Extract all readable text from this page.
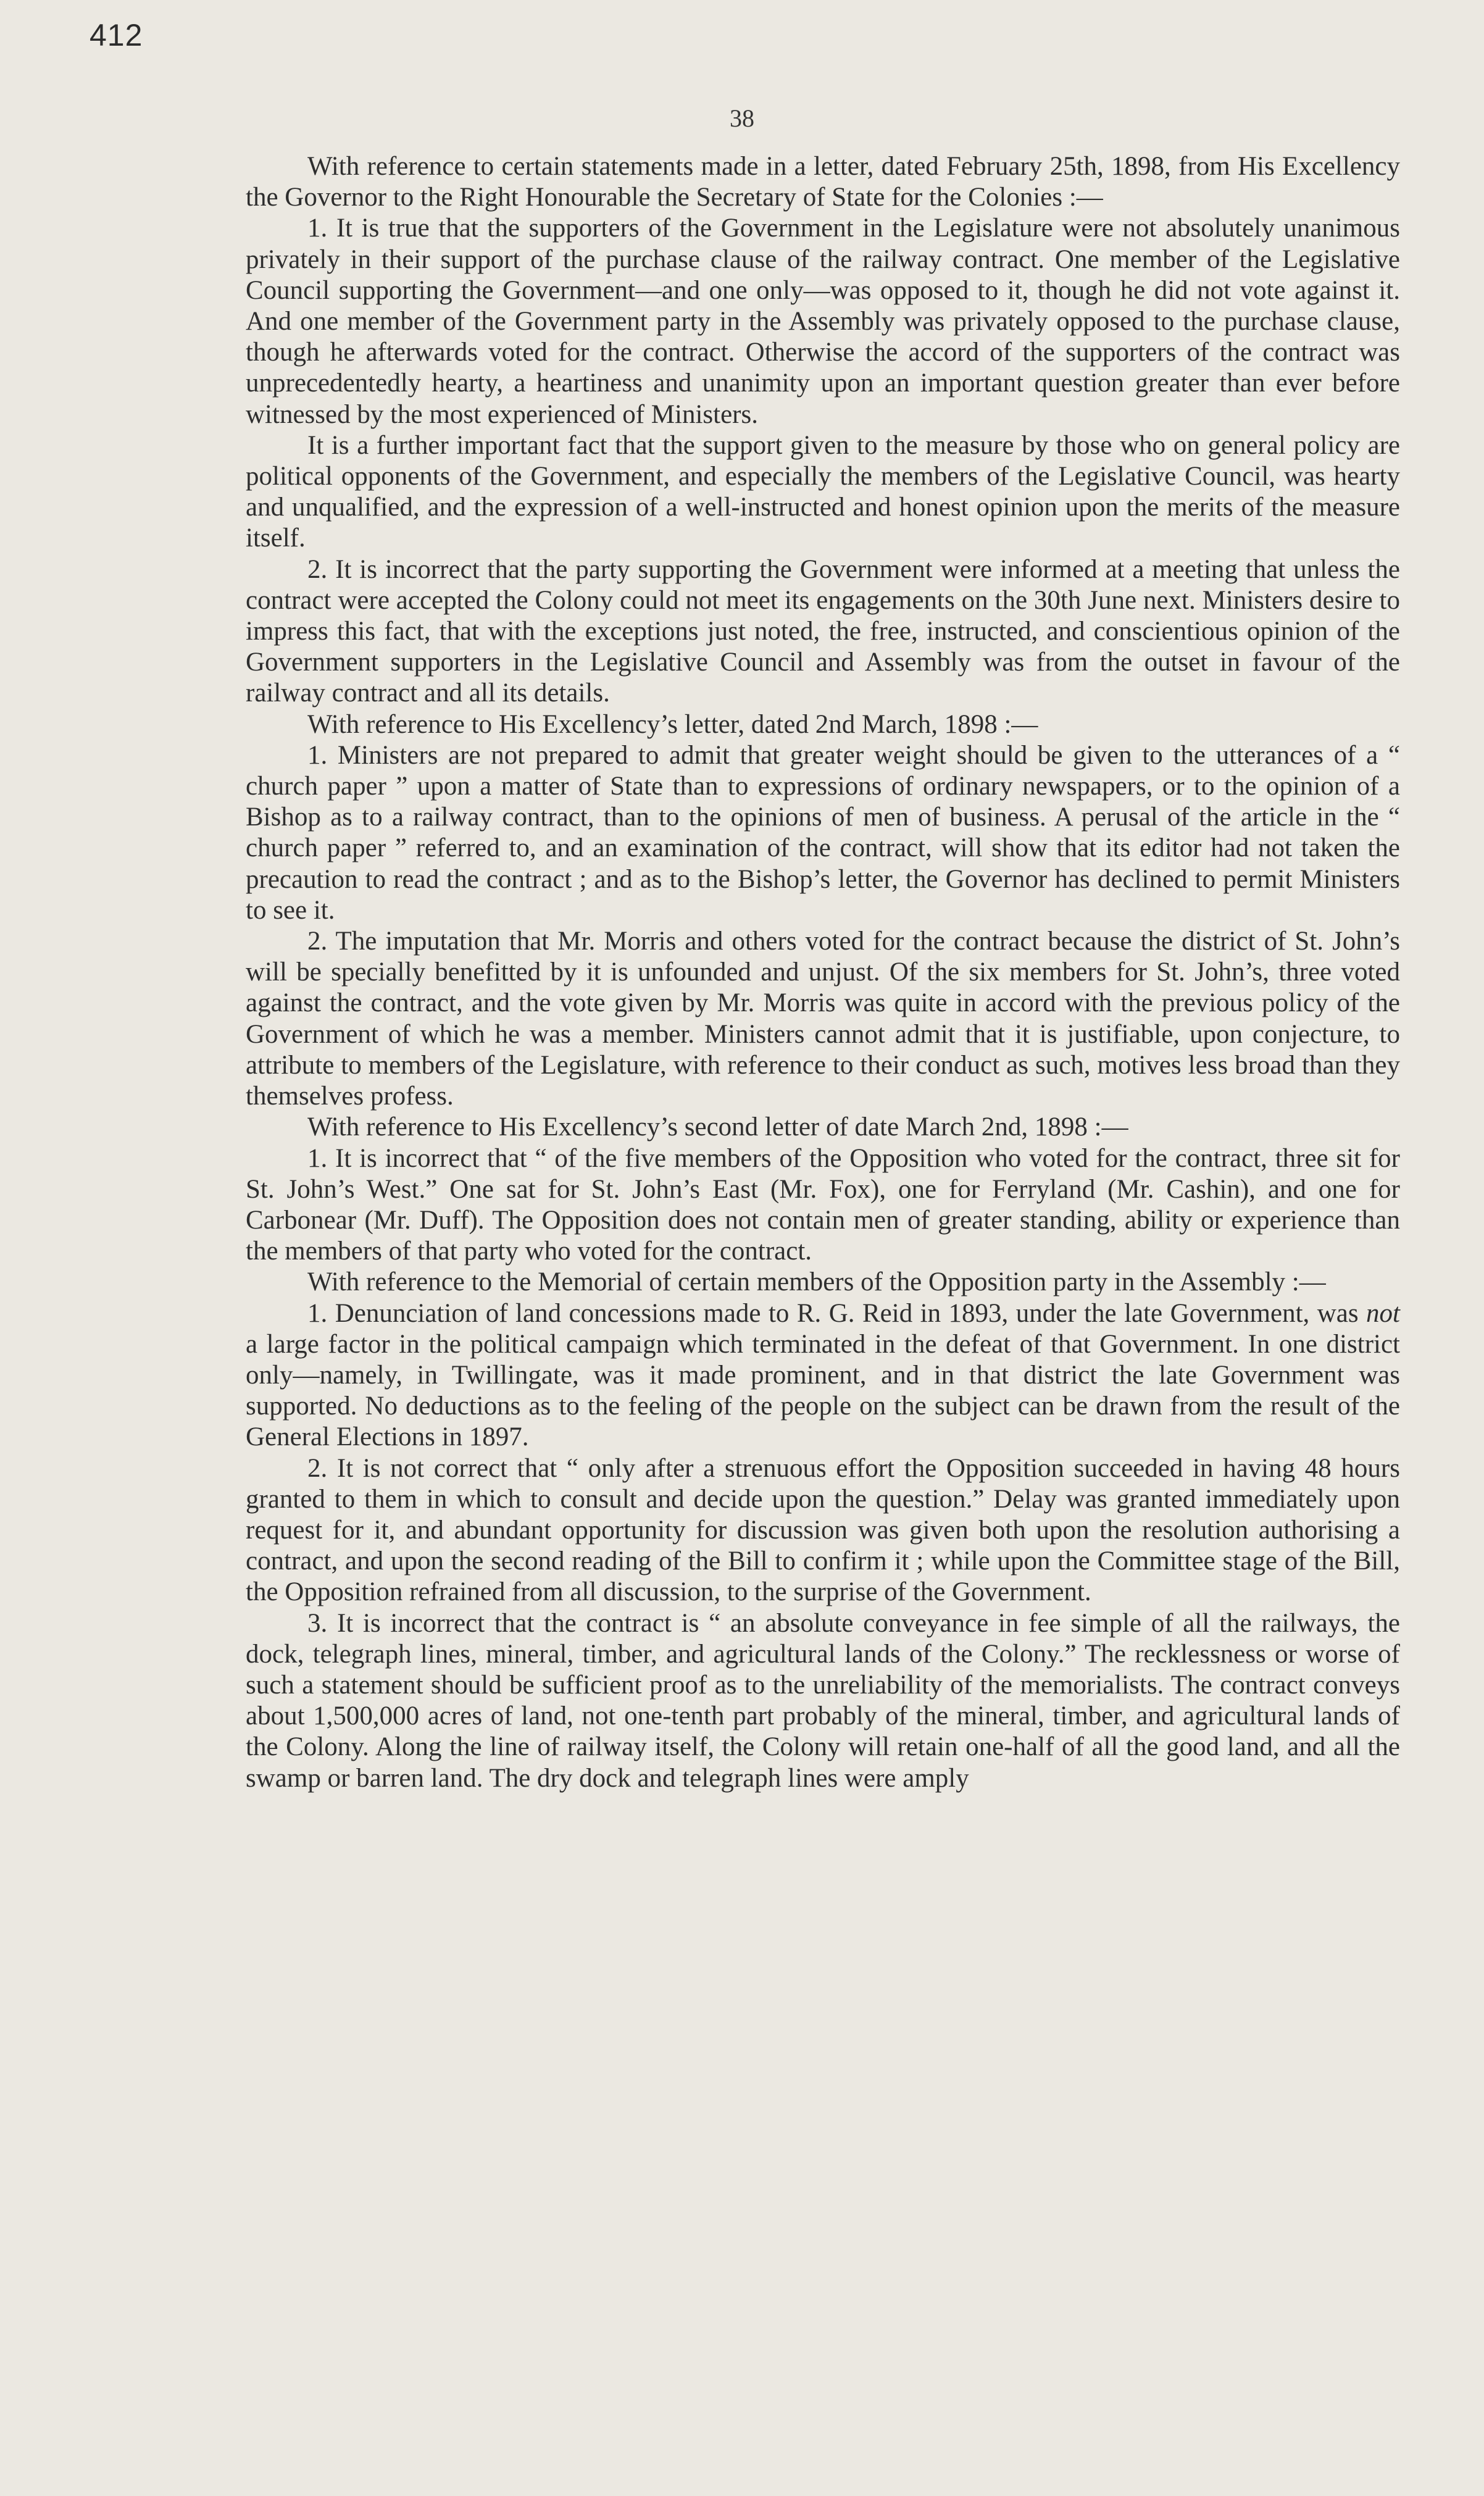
412
38

With reference to certain statements made in a letter, dated February 25th, 1898, from His Excellency the Governor to the Right Honourable the Secretary of State for the Colonies :—

1. It is true that the supporters of the Government in the Legislature were not absolutely unanimous privately in their support of the purchase clause of the railway contract. One member of the Legislative Council supporting the Government—and one only—was opposed to it, though he did not vote against it. And one member of the Government party in the Assembly was privately opposed to the purchase clause, though he afterwards voted for the contract. Otherwise the accord of the supporters of the contract was unprecedentedly hearty, a heartiness and unanimity upon an important question greater than ever before witnessed by the most experienced of Ministers.

It is a further important fact that the support given to the measure by those who on general policy are political opponents of the Government, and especially the members of the Legislative Council, was hearty and unqualified, and the expression of a well-instructed and honest opinion upon the merits of the measure itself.

2. It is incorrect that the party supporting the Government were informed at a meeting that unless the contract were accepted the Colony could not meet its engagements on the 30th June next. Ministers desire to impress this fact, that with the exceptions just noted, the free, instructed, and conscientious opinion of the Government supporters in the Legislative Council and Assembly was from the outset in favour of the railway contract and all its details.

With reference to His Excellency’s letter, dated 2nd March, 1898 :—

1. Ministers are not prepared to admit that greater weight should be given to the utterances of a “ church paper ” upon a matter of State than to expressions of ordinary newspapers, or to the opinion of a Bishop as to a railway contract, than to the opinions of men of business. A perusal of the article in the “ church paper ” referred to, and an examination of the contract, will show that its editor had not taken the precaution to read the contract ; and as to the Bishop’s letter, the Governor has declined to permit Ministers to see it.

2. The imputation that Mr. Morris and others voted for the contract because the district of St. John’s will be specially benefitted by it is unfounded and unjust. Of the six members for St. John’s, three voted against the contract, and the vote given by Mr. Morris was quite in accord with the previous policy of the Government of which he was a member. Ministers cannot admit that it is justifiable, upon conjecture, to attribute to members of the Legislature, with reference to their conduct as such, motives less broad than they themselves profess.

With reference to His Excellency’s second letter of date March 2nd, 1898 :—

1. It is incorrect that “ of the five members of the Opposition who voted for the contract, three sit for St. John’s West.” One sat for St. John’s East (Mr. Fox), one for Ferryland (Mr. Cashin), and one for Carbonear (Mr. Duff). The Opposition does not contain men of greater standing, ability or experience than the members of that party who voted for the contract.

With reference to the Memorial of certain members of the Opposition party in the Assembly :—

1. Denunciation of land concessions made to R. G. Reid in 1893, under the late Government, was not a large factor in the political campaign which terminated in the defeat of that Government. In one district only—namely, in Twillingate, was it made prominent, and in that district the late Government was supported. No deductions as to the feeling of the people on the subject can be drawn from the result of the General Elections in 1897.

2. It is not correct that “ only after a strenuous effort the Opposition succeeded in having 48 hours granted to them in which to consult and decide upon the question.” Delay was granted immediately upon request for it, and abundant opportunity for discussion was given both upon the resolution authorising a contract, and upon the second reading of the Bill to confirm it ; while upon the Committee stage of the Bill, the Opposition refrained from all discussion, to the surprise of the Government.

3. It is incorrect that the contract is “ an absolute conveyance in fee simple of all the railways, the dock, telegraph lines, mineral, timber, and agricultural lands of the Colony.” The recklessness or worse of such a statement should be sufficient proof as to the unreliability of the memorialists. The contract conveys about 1,500,000 acres of land, not one-tenth part probably of the mineral, timber, and agricultural lands of the Colony. Along the line of railway itself, the Colony will retain one-half of all the good land, and all the swamp or barren land. The dry dock and telegraph lines were amply
